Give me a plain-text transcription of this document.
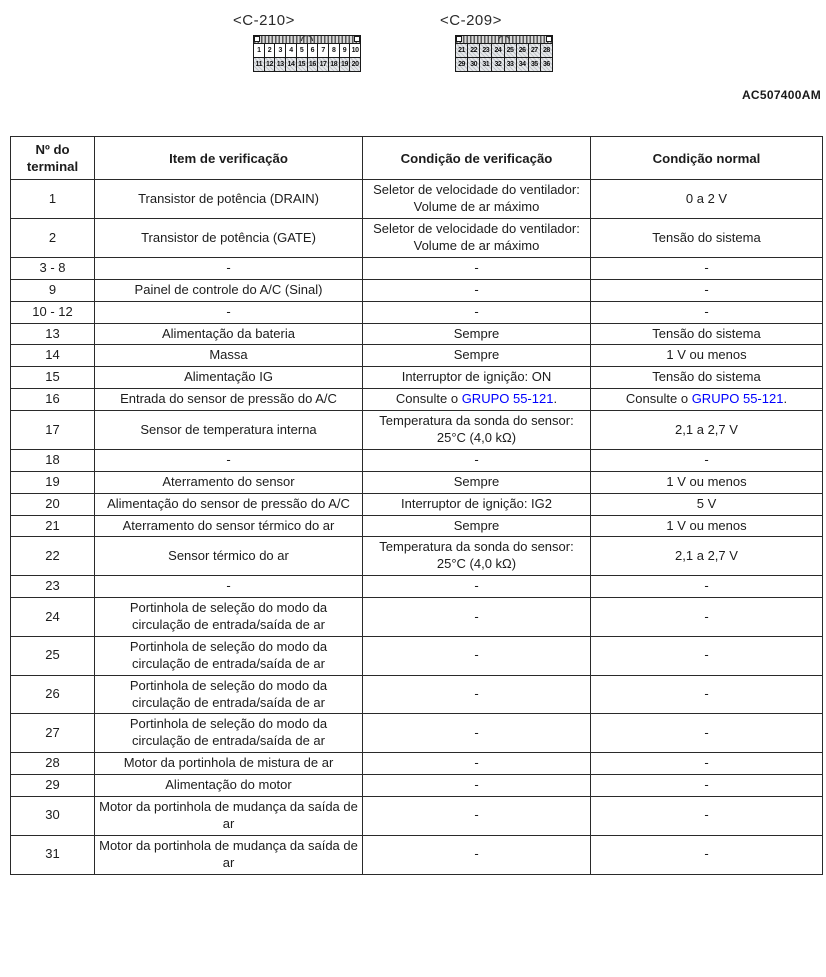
<C-210>
1	2	3	4	5	6	7	8	9 10
11 12 13 14 15 16 17 18 19 20
<C-209>
21 22 23 24 25 26 27 28
29 30 31 32 33 34 35 36
AC507400AM
Nº do terminal	Item de verificação	Condição de verificação	Condição normal
1	Transistor de potência (DRAIN)	Seletor de velocidade do ventilador: Volume de ar máximo	0 a 2 V
2	Transistor de potência (GATE)	Seletor de velocidade do ventilador: Volume de ar máximo	Tensão do sistema
3 - 8	-	-	-
9	Painel de controle do A/C (Sinal)	-	-
10 - 12	-	-	-
13	Alimentação da bateria	Sempre	Tensão do sistema
14	Massa	Sempre	1 V ou menos
15	Alimentação IG	Interruptor de ignição: ON	Tensão do sistema
16	Entrada do sensor de pressão do A/C	Consulte o GRUPO 55-121.	Consulte o GRUPO 55-121.
17	Sensor de temperatura interna	Temperatura da sonda do sensor: 25°C (4,0 kΩ)	2,1 a 2,7 V
18	-	-	-
19	Aterramento do sensor	Sempre	1 V ou menos
20	Alimentação do sensor de pressão do A/C	Interruptor de ignição: IG2	5 V
21	Aterramento do sensor térmico do ar	Sempre	1 V ou menos
22	Sensor térmico do ar	Temperatura da sonda do sensor: 25°C (4,0 kΩ)	2,1 a 2,7 V
23	-	-	-
24	Portinhola de seleção do modo da circulação de entrada/saída de ar	-	-
25	Portinhola de seleção do modo da circulação de entrada/saída de ar	-	-
26	Portinhola de seleção do modo da circulação de entrada/saída de ar	-	-
27	Portinhola de seleção do modo da circulação de entrada/saída de ar	-	-
28	Motor da portinhola de mistura de ar	-	-
29	Alimentação do motor	-	-
30	Motor da portinhola de mudança da saída de ar	-	-
31	Motor da portinhola de mudança da saída de ar	-	-
